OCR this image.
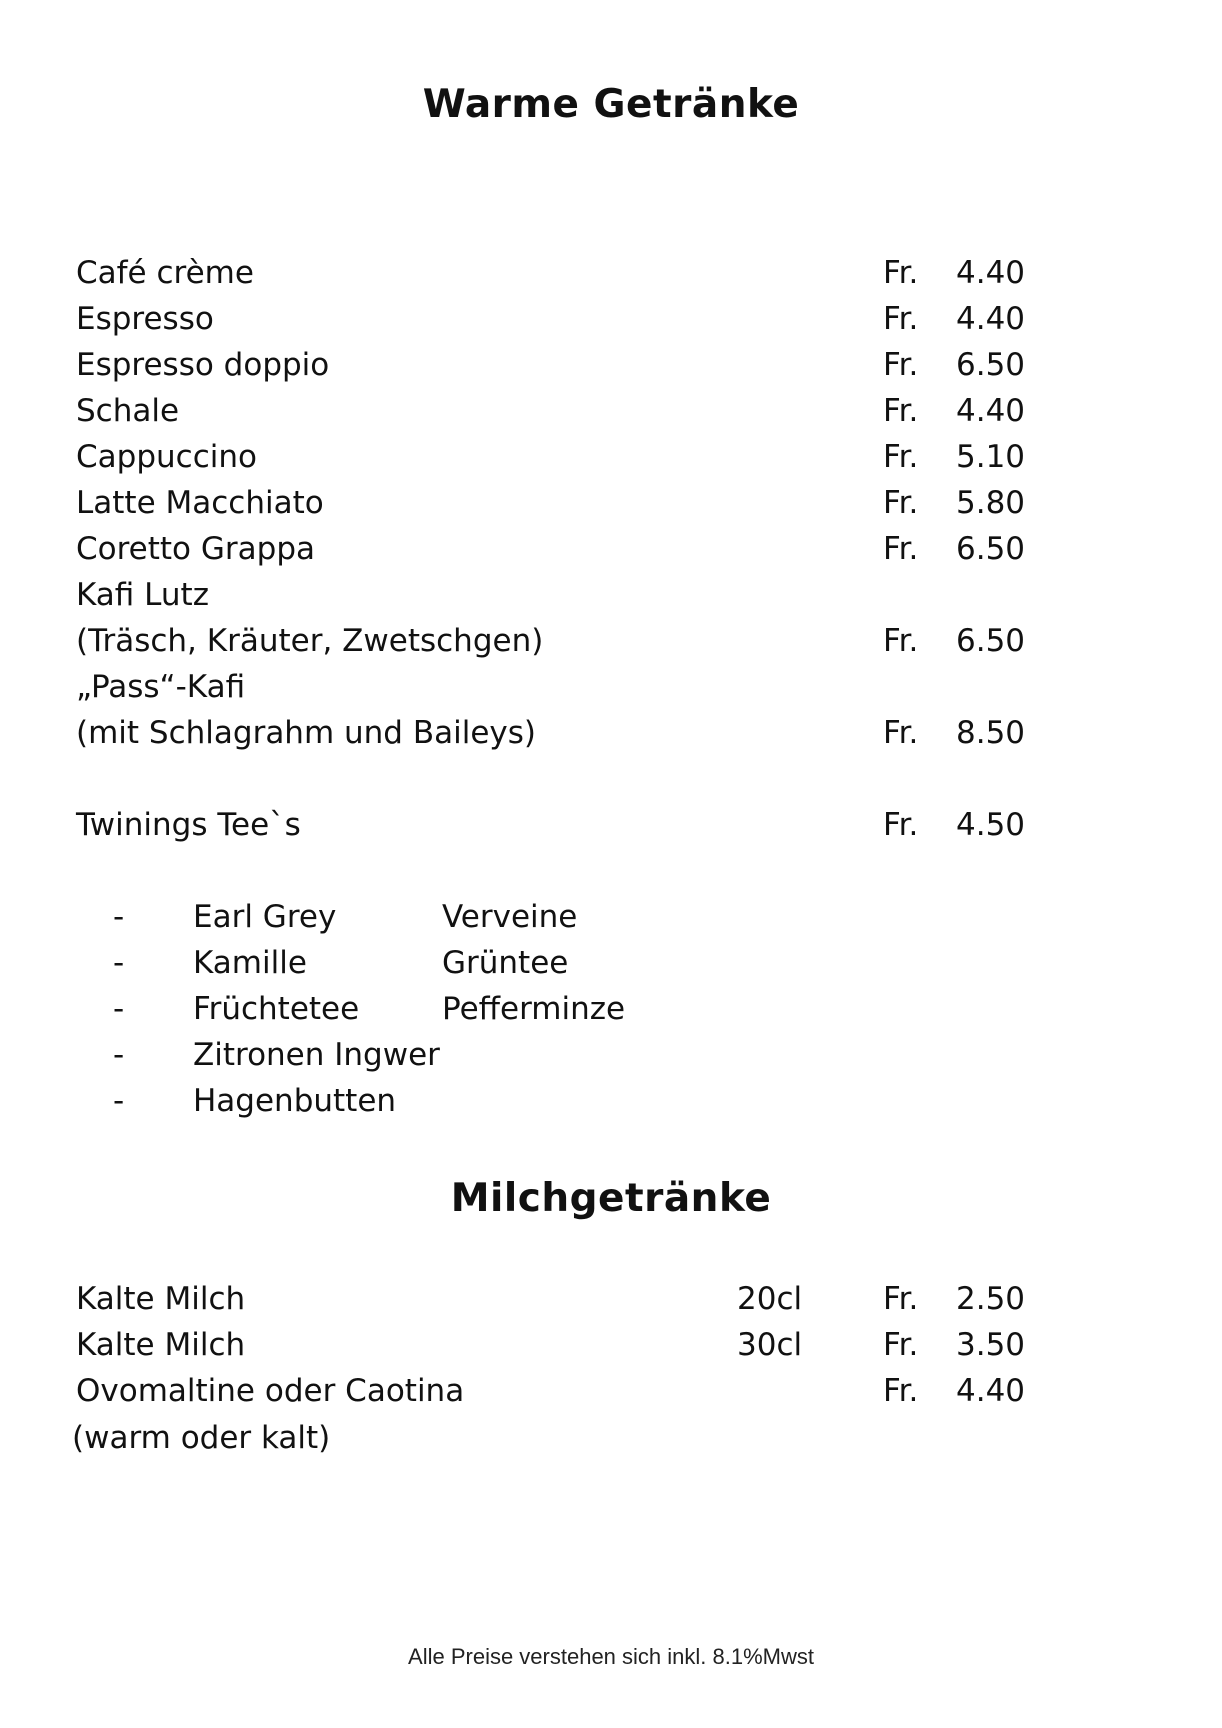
Warme Getränke
Café crème	Fr. 4.40
Espresso	Fr. 4.40
Espresso doppio	Fr. 6.50
Schale	Fr. 4.40
Cappuccino	Fr. 5.10
Latte Macchiato	Fr. 5.80
Coretto Grappa	Fr. 6.50
Kafi Lutz
(Träsch, Kräuter, Zwetschgen)	Fr. 6.50
„Pass“-Kafi
(mit Schlagrahm und Baileys)	Fr. 8.50
Twinings Tee`s	Fr. 4.50
- Earl Grey	Verveine
- Kamille	Grüntee
- Früchtetee	Pefferminze
- Zitronen Ingwer
- Hagenbutten
Milchgetränke
Kalte Milch	20cl	Fr. 2.50
Kalte Milch	30cl	Fr. 3.50
Ovomaltine oder Caotina	Fr. 4.40
(warm oder kalt)
Alle Preise verstehen sich inkl. 8.1%Mwst
